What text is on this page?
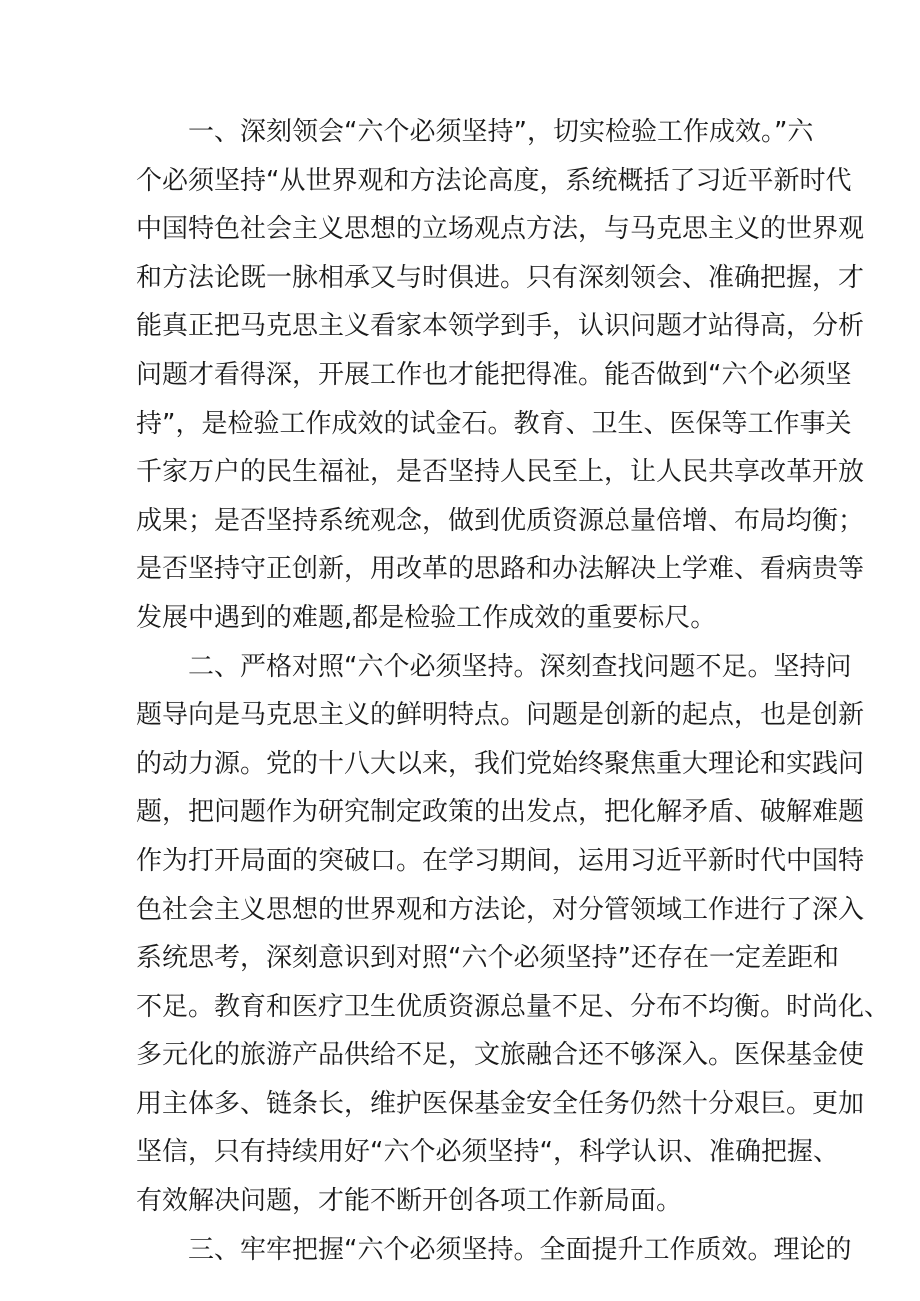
一、深刻领会“六个必须坚持”，切实检验工作成效。”六
个必须坚持“从世界观和方法论高度，系统概括了习近平新时代
中国特色社会主义思想的立场观点方法，与马克思主义的世界观
和方法论既一脉相承又与时俱进。只有深刻领会、准确把握，才
能真正把马克思主义看家本领学到手，认识问题才站得高，分析
问题才看得深，开展工作也才能把得准。能否做到“六个必须坚
持”，是检验工作成效的试金石。教育、卫生、医保等工作事关
千家万户的民生福祉，是否坚持人民至上，让人民共享改革开放
成果；是否坚持系统观念，做到优质资源总量倍增、布局均衡；
是否坚持守正创新，用改革的思路和办法解决上学难、看病贵等
发展中遇到的难题,都是检验工作成效的重要标尺。
二、严格对照“六个必须坚持。深刻查找问题不足。坚持问
题导向是马克思主义的鲜明特点。问题是创新的起点，也是创新
的动力源。党的十八大以来，我们党始终聚焦重大理论和实践问
题，把问题作为研究制定政策的出发点，把化解矛盾、破解难题
作为打开局面的突破口。在学习期间，运用习近平新时代中国特
色社会主义思想的世界观和方法论，对分管领域工作进行了深入
系统思考，深刻意识到对照“六个必须坚持”还存在一定差距和
不足。教育和医疗卫生优质资源总量不足、分布不均衡。时尚化、
多元化的旅游产品供给不足，文旅融合还不够深入。医保基金使
用主体多、链条长，维护医保基金安全任务仍然十分艰巨。更加
坚信，只有持续用好“六个必须坚持“，科学认识、准确把握、
有效解决问题，才能不断开创各项工作新局面。
三、牢牢把握“六个必须坚持。全面提升工作质效。理论的
